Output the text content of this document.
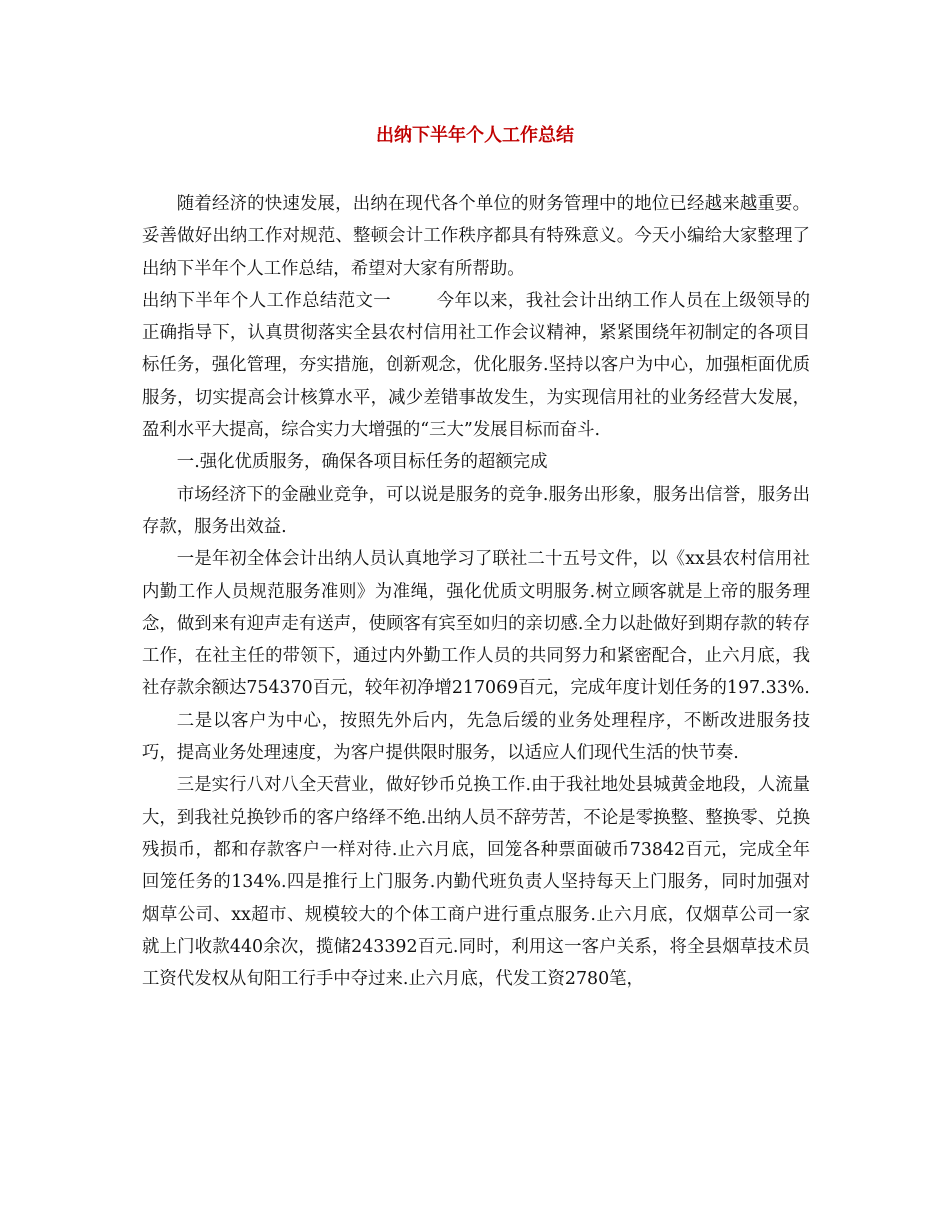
出纳下半年个人工作总结

随着经济的快速发展，出纳在现代各个单位的财务管理中的地位已经越来越重要。妥善做好出纳工作对规范、整顿会计工作秩序都具有特殊意义。今天小编给大家整理了出纳下半年个人工作总结，希望对大家有所帮助。

出纳下半年个人工作总结范文一	今年以来，我社会计出纳工作人员在上级领导的正确指导下，认真贯彻落实全县农村信用社工作会议精神，紧紧围绕年初制定的各项目标任务，强化管理，夯实措施，创新观念，优化服务.坚持以客户为中心，加强柜面优质服务，切实提高会计核算水平，减少差错事故发生，为实现信用社的业务经营大发展，盈利水平大提高，综合实力大增强的“三大”发展目标而奋斗.

一.强化优质服务，确保各项目标任务的超额完成

市场经济下的金融业竞争，可以说是服务的竞争.服务出形象，服务出信誉，服务出存款，服务出效益.

一是年初全体会计出纳人员认真地学习了联社二十五号文件，以《xx县农村信用社内勤工作人员规范服务准则》为准绳，强化优质文明服务.树立顾客就是上帝的服务理念，做到来有迎声走有送声，使顾客有宾至如归的亲切感.全力以赴做好到期存款的转存工作，在社主任的带领下，通过内外勤工作人员的共同努力和紧密配合，止六月底，我社存款余额达754370百元，较年初净增217069百元，完成年度计划任务的197.33%.

二是以客户为中心，按照先外后内，先急后缓的业务处理程序，不断改进服务技巧，提高业务处理速度，为客户提供限时服务，以适应人们现代生活的快节奏.

三是实行八对八全天营业，做好钞币兑换工作.由于我社地处县城黄金地段，人流量大，到我社兑换钞币的客户络绎不绝.出纳人员不辞劳苦，不论是零换整、整换零、兑换残损币，都和存款客户一样对待.止六月底，回笼各种票面破币73842百元，完成全年回笼任务的134%.四是推行上门服务.内勤代班负责人坚持每天上门服务，同时加强对烟草公司、xx超市、规模较大的个体工商户进行重点服务.止六月底，仅烟草公司一家就上门收款440余次，揽储243392百元.同时，利用这一客户关系，将全县烟草技术员工资代发权从旬阳工行手中夺过来.止六月底，代发工资2780笔，
